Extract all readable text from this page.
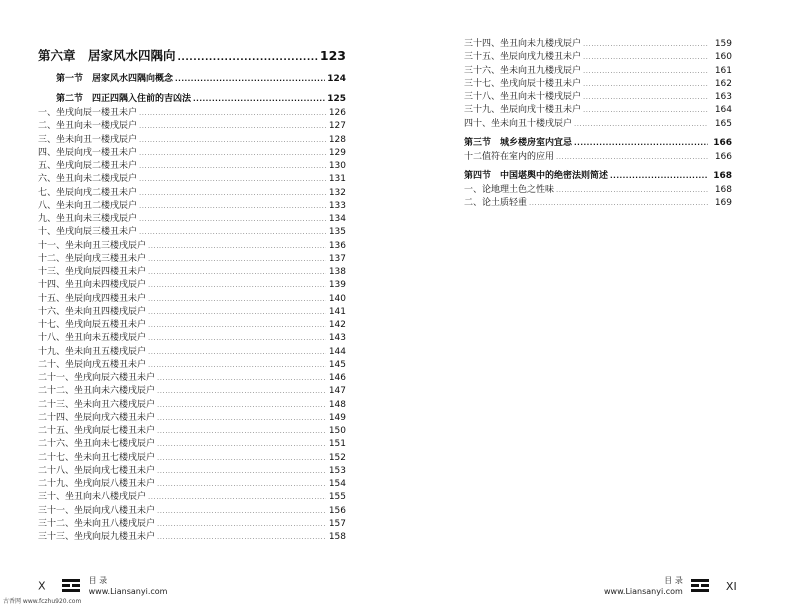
第六章　居家风水四隅向 .....	123
第一节　居家风水四隅向概念 .....	124
第二节　四正四隅入住前的吉凶法 .....	125
一、坐戌向辰一楼丑未户 .....	126
二、坐丑向未一楼戌辰户 .....	127
三、坐未向丑一楼戌辰户 .....	128
四、坐辰向戌一楼丑未户 .....	129
五、坐戌向辰二楼丑未户 .....	130
六、坐丑向未二楼戌辰户 .....	131
七、坐辰向戌二楼丑未户 .....	132
八、坐未向丑二楼戌辰户 .....	133
九、坐丑向未三楼戌辰户 .....	134
十、坐戌向辰三楼丑未户 .....	135
十一、坐未向丑三楼戌辰户 .....	136
十二、坐辰向戌三楼丑未户 .....	137
十三、坐戌向辰四楼丑未户 .....	138
十四、坐丑向未四楼戌辰户 .....	139
十五、坐辰向戌四楼丑未户 .....	140
十六、坐未向丑四楼戌辰户 .....	141
十七、坐戌向辰五楼丑未户 .....	142
十八、坐丑向未五楼戌辰户 .....	143
十九、坐未向丑五楼戌辰户 .....	144
二十、坐辰向戌五楼丑未户 .....	145
二十一、坐戌向辰六楼丑未户 .....	146
二十二、坐丑向未六楼戌辰户 .....	147
二十三、坐未向丑六楼戌辰户 .....	148
二十四、坐辰向戌六楼丑未户 .....	149
二十五、坐戌向辰七楼丑未户 .....	150
二十六、坐丑向未七楼戌辰户 .....	151
二十七、坐未向丑七楼戌辰户 .....	152
二十八、坐辰向戌七楼丑未户 .....	153
二十九、坐戌向辰八楼丑未户 .....	154
三十、坐丑向未八楼戌辰户 .....	155
三十一、坐辰向戌八楼丑未户 .....	156
三十二、坐未向丑八楼戌辰户 .....	157
三十三、坐戌向辰九楼丑未户 .....	158
X	目 录
www.Liansanyi.com
三十四、坐丑向未九楼戌辰户 .....	159
三十五、坐辰向戌九楼丑未户 .....	160
三十六、坐未向丑九楼戌辰户 .....	161
三十七、坐戌向辰十楼丑未户 .....	162
三十八、坐丑向未十楼戌辰户 .....	163
三十九、坐辰向戌十楼丑未户 .....	164
四十、坐未向丑十楼戌辰户 .....	165
第三节　城乡楼房室内宜忌 .....	166
十二值符在室内的应用 .....	166
第四节　中国堪舆中的绝密法则简述 .....	168
一、论地理土色之性味 .....	168
二、论土质轻重 .....	169
目 录
www.Liansanyi.com	XI
古香网 www.fczhu920.com
